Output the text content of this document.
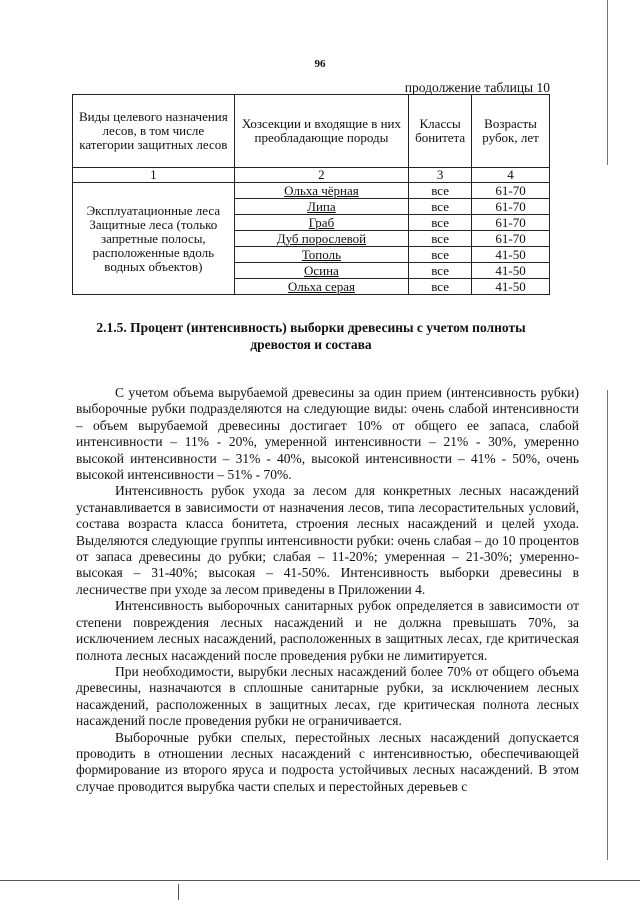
96
продолжение таблицы 10
Виды целевого назначения лесов, в том числе категории защитных лесов	Хозсекции и входящие в них преобладающие породы	Классы бонитета	Возрасты рубок, лет
1	2	3	4
Эксплуатационные леса Защитные леса (только запретные полосы, расположенные вдоль водных объектов)	Ольха чёрная	все	61-70
	Липа	все	61-70
	Граб	все	61-70
	Дуб порослевой	все	61-70
	Тополь	все	41-50
	Осина	все	41-50
	Ольха серая	все	41-50
2.1.5. Процент (интенсивность) выборки древесины с учетом полноты древостоя и состава

С учетом объема вырубаемой древесины за один прием (интенсивность рубки) выборочные рубки подразделяются на следующие виды: очень слабой интенсивности – объем вырубаемой древесины достигает 10% от общего ее запаса, слабой интенсивности – 11% - 20%, умеренной интенсивности – 21% - 30%, умеренно высокой интенсивности – 31% - 40%, высокой интенсивности – 41% - 50%, очень высокой интенсивности – 51% - 70%.

Интенсивность рубок ухода за лесом для конкретных лесных насаждений устанавливается в зависимости от назначения лесов, типа лесорастительных условий, состава возраста класса бонитета, строения лесных насаждений и целей ухода. Выделяются следующие группы интенсивности рубки: очень слабая – до 10 процентов от запаса древесины до рубки; слабая – 11-20%; умеренная – 21-30%; умеренно-высокая – 31-40%; высокая – 41-50%. Интенсивность выборки древесины в лесничестве при уходе за лесом приведены в Приложении 4.

Интенсивность выборочных санитарных рубок определяется в зависимости от степени повреждения лесных насаждений и не должна превышать 70%, за исключением лесных насаждений, расположенных в защитных лесах, где критическая полнота лесных насаждений после проведения рубки не лимитируется.

При необходимости, вырубки лесных насаждений более 70% от общего объема древесины, назначаются в сплошные санитарные рубки, за исключением лесных насаждений, расположенных в защитных лесах, где критическая полнота лесных насаждений после проведения рубки не ограничивается.

Выборочные рубки спелых, перестойных лесных насаждений допускается проводить в отношении лесных насаждений с интенсивностью, обеспечивающей формирование из второго яруса и подроста устойчивых лесных насаждений. В этом случае проводится вырубка части спелых и перестойных деревьев с
